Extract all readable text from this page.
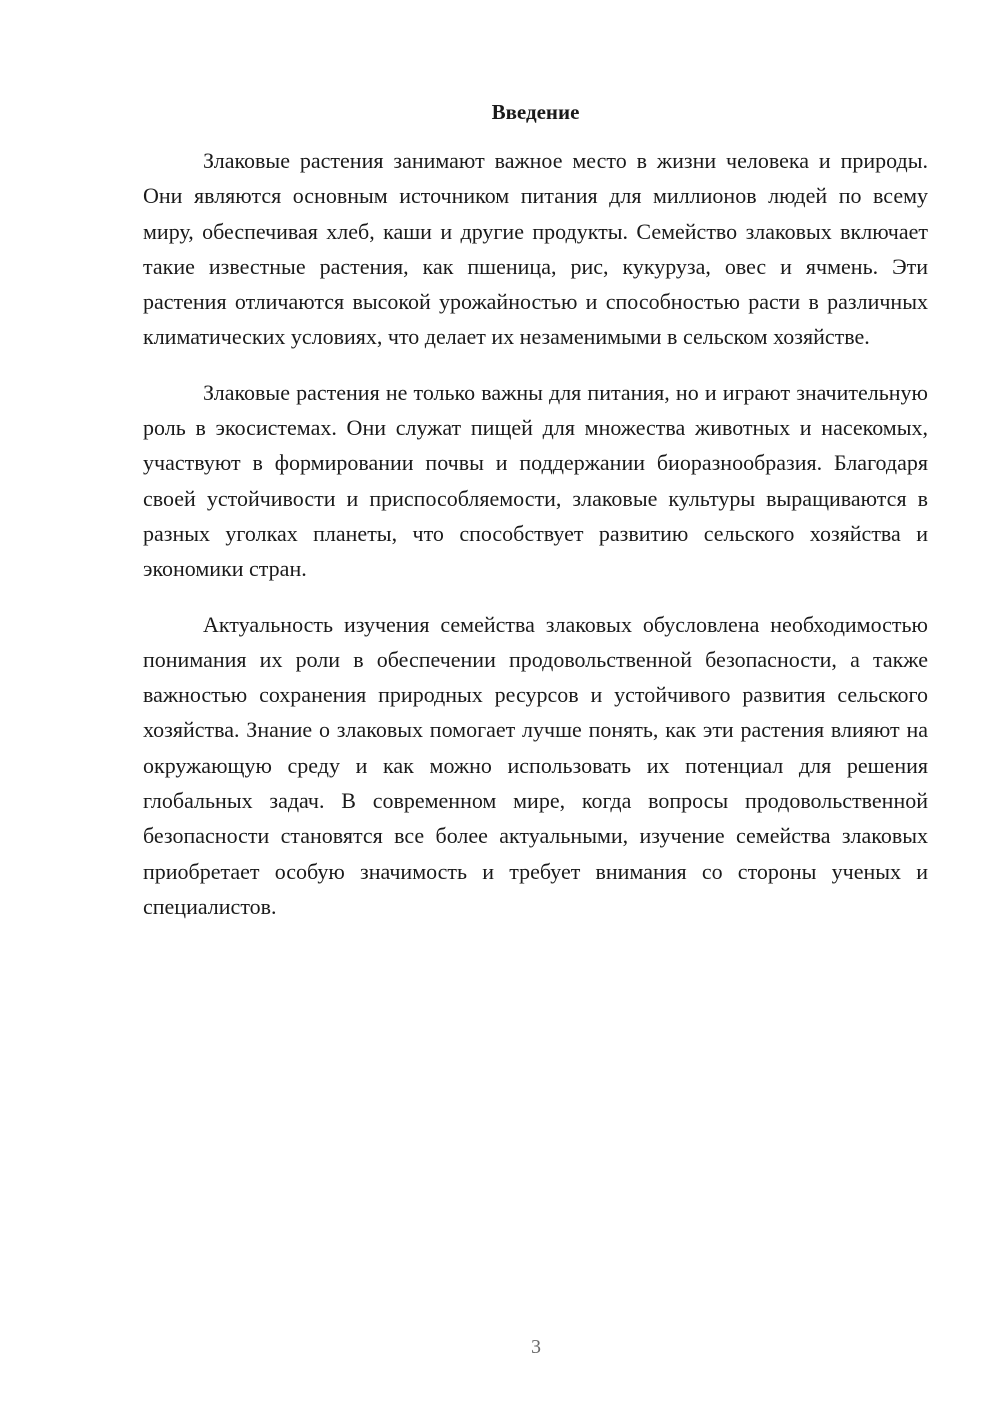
Введение

Злаковые растения занимают важное место в жизни человека и природы. Они являются основным источником питания для миллионов людей по всему миру, обеспечивая хлеб, каши и другие продукты. Семейство злаковых включает такие известные растения, как пшеница, рис, кукуруза, овес и ячмень. Эти растения отличаются высокой урожайностью и способностью расти в различных климатических условиях, что делает их незаменимыми в сельском хозяйстве.

Злаковые растения не только важны для питания, но и играют значительную роль в экосистемах. Они служат пищей для множества животных и насекомых, участвуют в формировании почвы и поддержании биоразнообразия. Благодаря своей устойчивости и приспособляемости, злаковые культуры выращиваются в разных уголках планеты, что способствует развитию сельского хозяйства и экономики стран.

Актуальность изучения семейства злаковых обусловлена необходимостью понимания их роли в обеспечении продовольственной безопасности, а также важностью сохранения природных ресурсов и устойчивого развития сельского хозяйства. Знание о злаковых помогает лучше понять, как эти растения влияют на окружающую среду и как можно использовать их потенциал для решения глобальных задач. В современном мире, когда вопросы продовольственной безопасности становятся все более актуальными, изучение семейства злаковых приобретает особую значимость и требует внимания со стороны ученых и специалистов.

3
